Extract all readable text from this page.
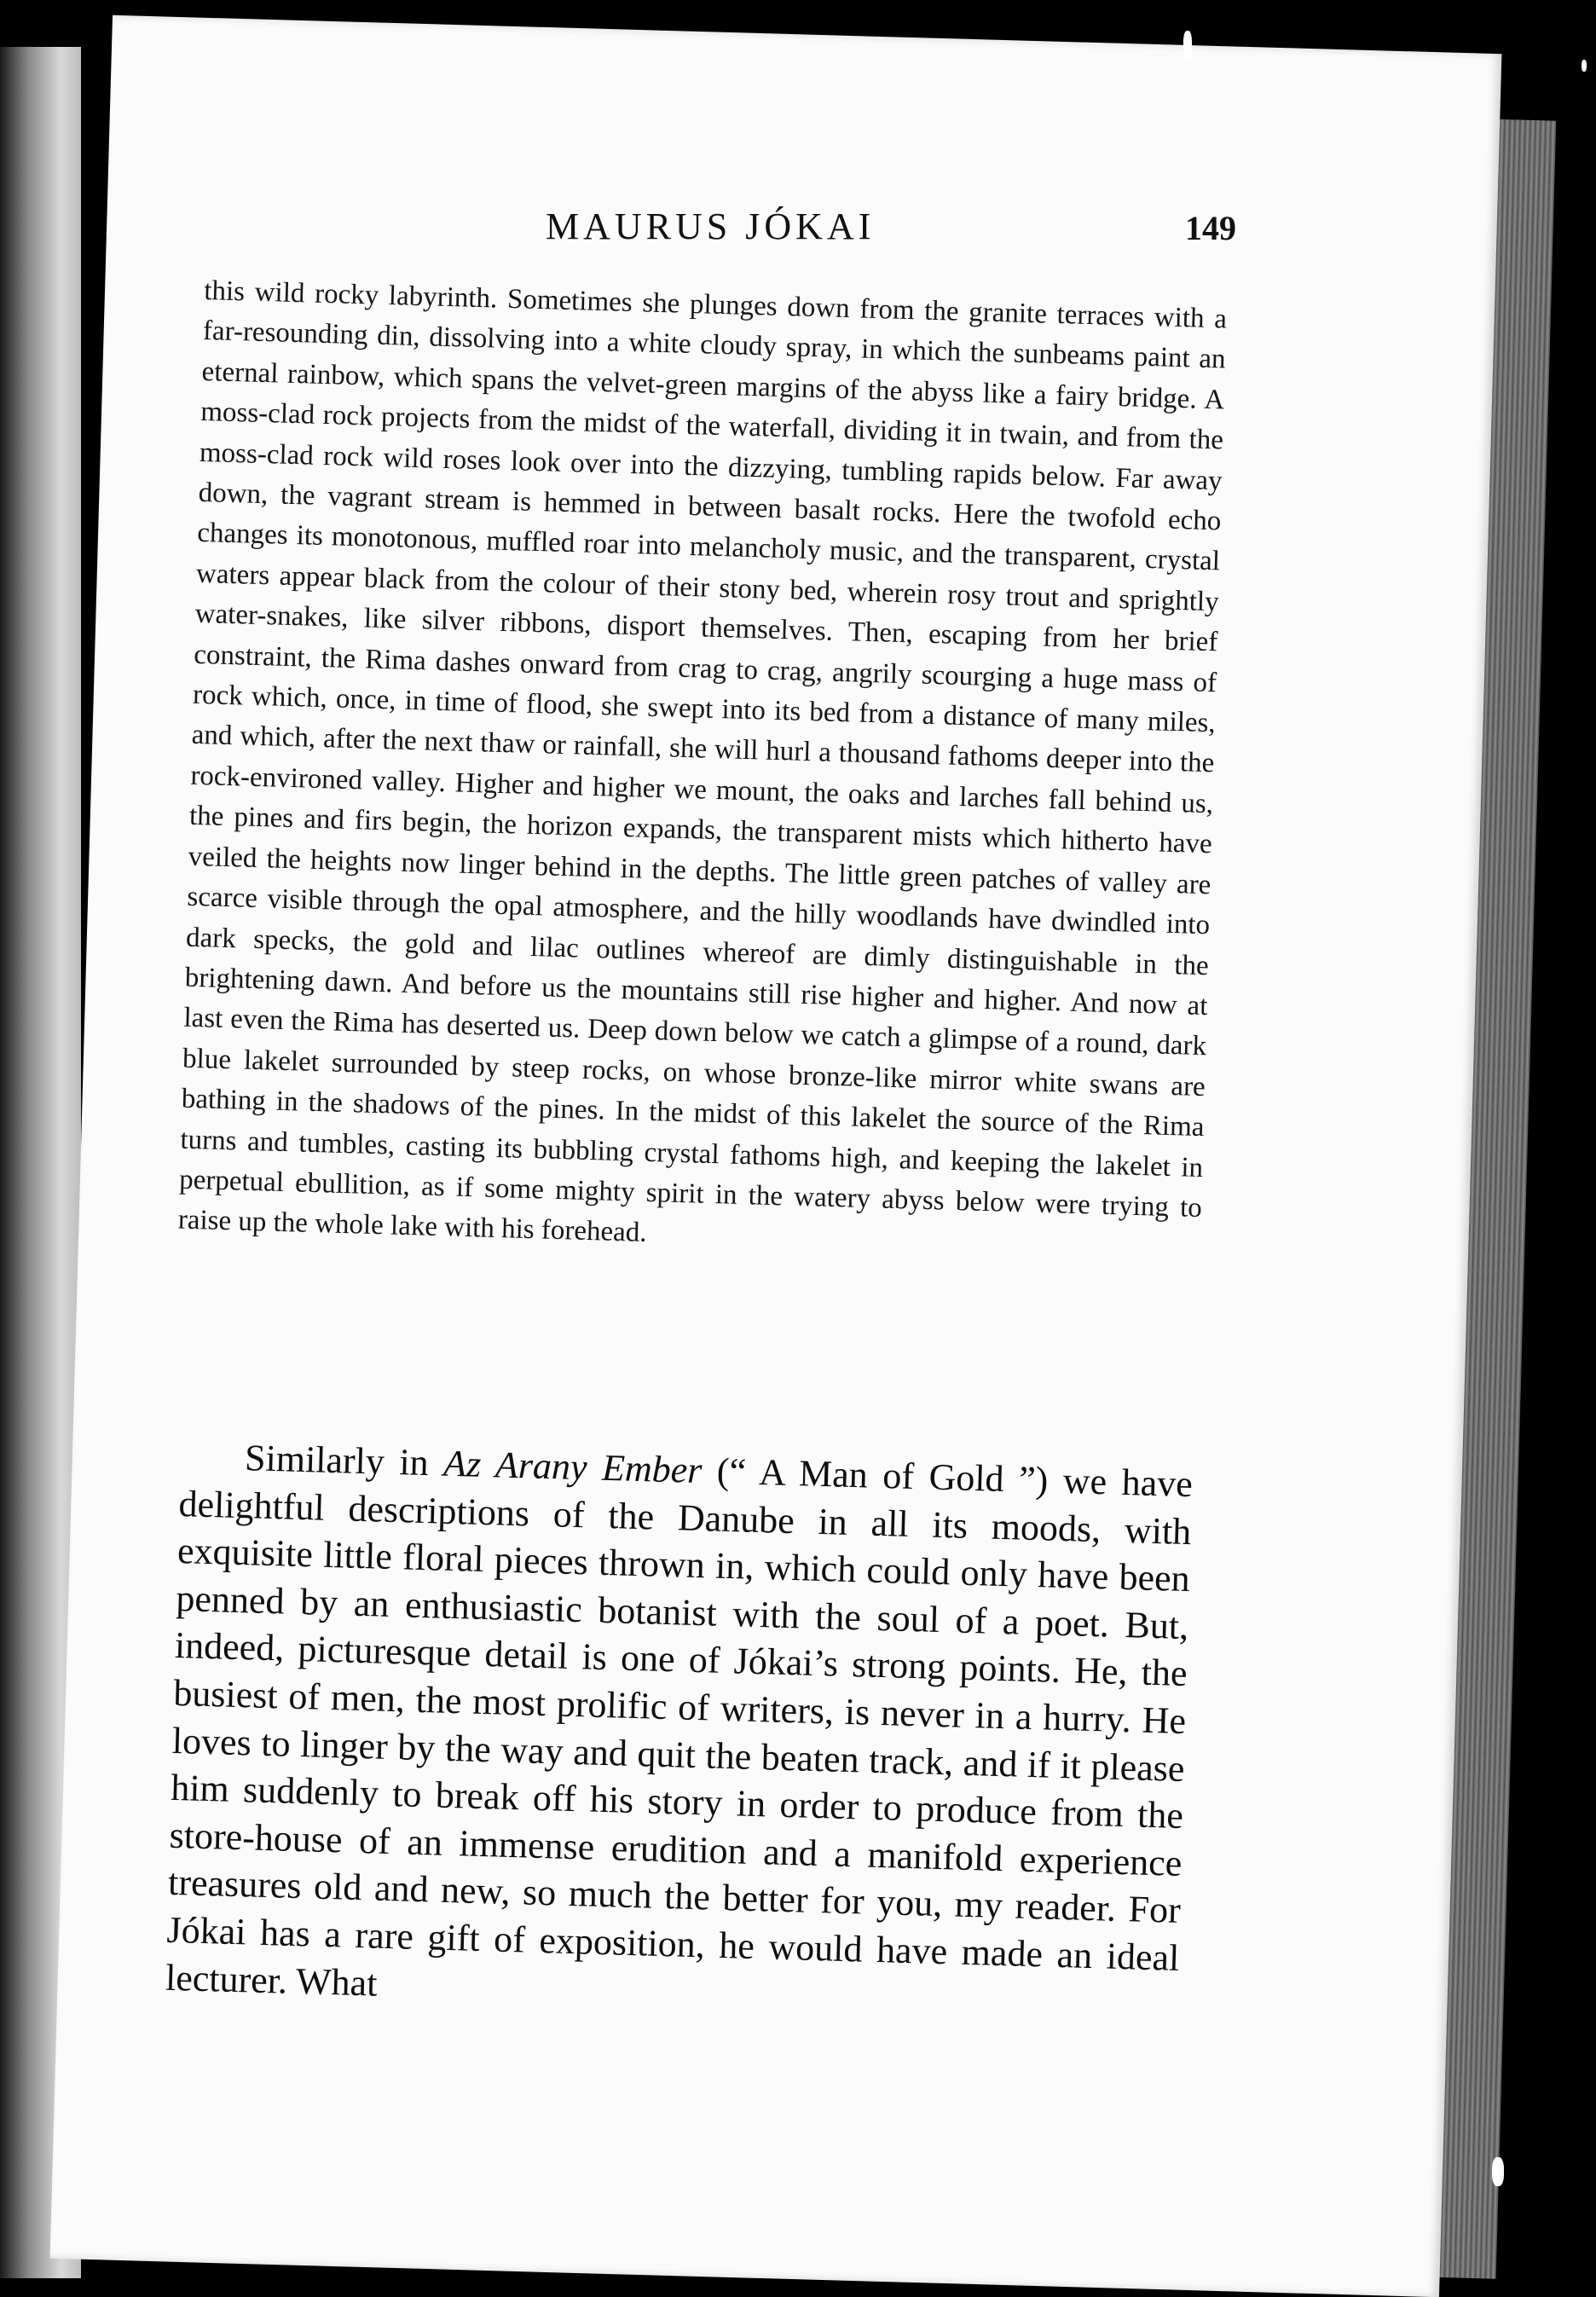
MAURUS JÓKAI	149

this wild rocky labyrinth. Sometimes she plunges down from the granite terraces with a far-resounding din, dissolving into a white cloudy spray, in which the sunbeams paint an eternal rainbow, which spans the velvet-green margins of the abyss like a fairy bridge. A moss-clad rock projects from the midst of the waterfall, dividing it in twain, and from the moss-clad rock wild roses look over into the dizzying, tumbling rapids below. Far away down, the vagrant stream is hemmed in between basalt rocks. Here the twofold echo changes its monotonous, muffled roar into melancholy music, and the transparent, crystal waters appear black from the colour of their stony bed, wherein rosy trout and sprightly water-snakes, like silver ribbons, disport themselves. Then, escaping from her brief constraint, the Rima dashes onward from crag to crag, angrily scourging a huge mass of rock which, once, in time of flood, she swept into its bed from a distance of many miles, and which, after the next thaw or rainfall, she will hurl a thousand fathoms deeper into the rock-environed valley. Higher and higher we mount, the oaks and larches fall behind us, the pines and firs begin, the horizon expands, the transparent mists which hitherto have veiled the heights now linger behind in the depths. The little green patches of valley are scarce visible through the opal atmosphere, and the hilly woodlands have dwindled into dark specks, the gold and lilac outlines whereof are dimly distinguishable in the brightening dawn. And before us the mountains still rise higher and higher. And now at last even the Rima has deserted us. Deep down below we catch a glimpse of a round, dark blue lakelet surrounded by steep rocks, on whose bronze-like mirror white swans are bathing in the shadows of the pines. In the midst of this lakelet the source of the Rima turns and tumbles, casting its bubbling crystal fathoms high, and keeping the lakelet in perpetual ebullition, as if some mighty spirit in the watery abyss below were trying to raise up the whole lake with his forehead.

Similarly in Az Arany Ember (“ A Man of Gold ”) we have delightful descriptions of the Danube in all its moods, with exquisite little floral pieces thrown in, which could only have been penned by an enthusiastic botanist with the soul of a poet. But, indeed, picturesque detail is one of Jókai’s strong points. He, the busiest of men, the most prolific of writers, is never in a hurry. He loves to linger by the way and quit the beaten track, and if it please him suddenly to break off his story in order to produce from the store-house of an immense erudition and a manifold experience treasures old and new, so much the better for you, my reader. For Jókai has a rare gift of exposition, he would have made an ideal lecturer. What
